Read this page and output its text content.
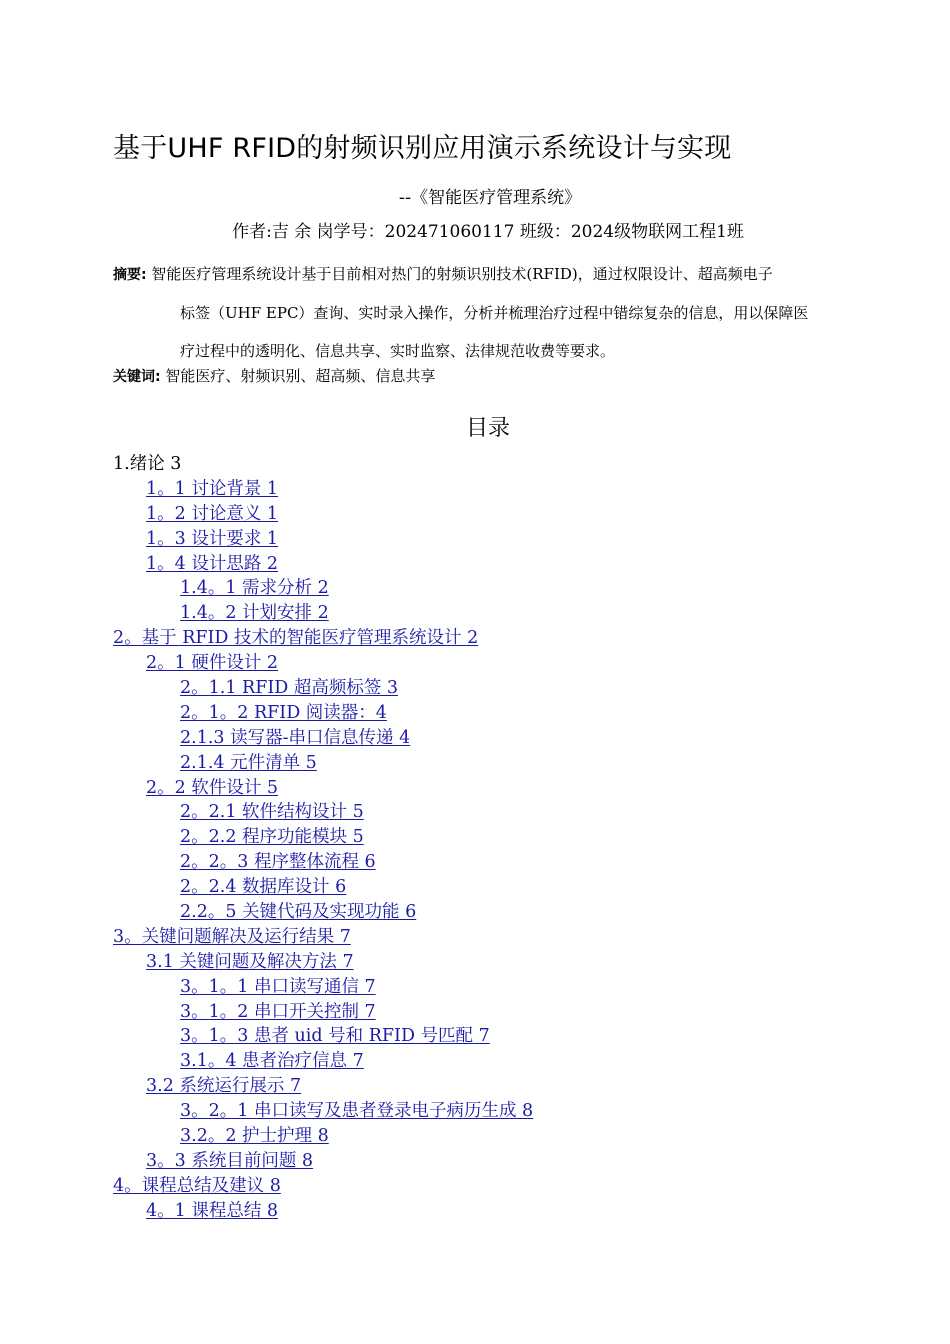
基于UHF RFID的射频识别应用演示系统设计与实现
--《智能医疗管理系统》
作者:吉 余 岗学号：202471060117 班级：2024级物联网工程1班
摘要: 智能医疗管理系统设计基于目前相对热门的射频识别技术(RFID)，通过权限设计、超高频电子
标签（UHF EPC）查询、实时录入操作，分析并梳理治疗过程中错综复杂的信息，用以保障医
疗过程中的透明化、信息共享、实时监察、法律规范收费等要求。
关键词: 智能医疗、射频识别、超高频、信息共享
目录
1.绪论 3
1。1 讨论背景 1
1。2 讨论意义 1
1。3 设计要求 1
1。4 设计思路 2
1.4。1 需求分析 2
1.4。2 计划安排 2
2。基于 RFID 技术的智能医疗管理系统设计 2
2。1 硬件设计 2
2。1.1 RFID 超高频标签 3
2。1。2 RFID 阅读器：4
2.1.3 读写器-串口信息传递 4
2.1.4 元件清单 5
2。2 软件设计 5
2。2.1 软件结构设计 5
2。2.2 程序功能模块 5
2。2。3 程序整体流程 6
2。2.4 数据库设计 6
2.2。5 关键代码及实现功能 6
3。关键问题解决及运行结果 7
3.1 关键问题及解决方法 7
3。1。1 串口读写通信 7
3。1。2 串口开关控制 7
3。1。3 患者 uid 号和 RFID 号匹配 7
3.1。4 患者治疗信息 7
3.2 系统运行展示 7
3。2。1 串口读写及患者登录电子病历生成 8
3.2。2 护士护理 8
3。3 系统目前问题 8
4。课程总结及建议 8
4。1 课程总结 8
